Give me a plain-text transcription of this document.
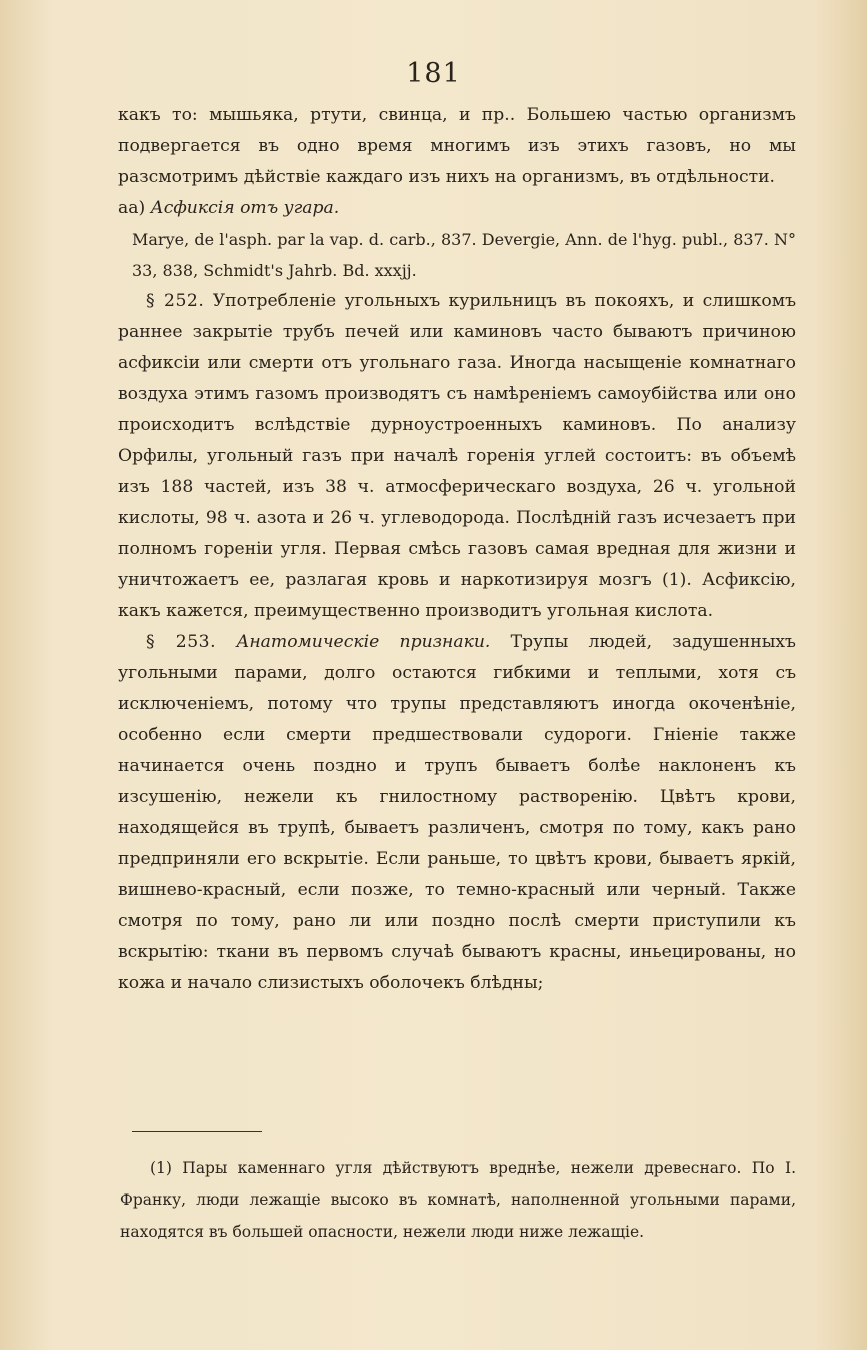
181

какъ то: мышьяка, ртути, свинца, и пр.. Большею частью организмъ подвергается въ одно время многимъ изъ этихъ газовъ, но мы разсмотримъ дѣйствіе каждаго изъ нихъ на организмъ, въ отдѣльности.

аа) Асфиксія отъ угара.

Marye, de l'asph. par la vap. d. carb., 837. Devergie, Ann. de l'hyg. publ., 837. N° 33, 838, Schmidt's Jahrb. Bd. xxxjj.

§ 252. Употребленіе угольныхъ курильницъ въ покояхъ, и слишкомъ раннее закрытіе трубъ печей или каминовъ часто бываютъ причиною асфиксіи или смерти отъ угольнаго газа. Иногда насыщеніе комнатнаго воздуха этимъ газомъ производятъ съ намѣреніемъ самоубійства или оно происходитъ вслѣдствіе дурноустроенныхъ каминовъ. По анализу Орфилы, угольный газъ при началѣ горенія углей состоитъ: въ объемѣ изъ 188 частей, изъ 38 ч. атмосферическаго воздуха, 26 ч. угольной кислоты, 98 ч. азота и 26 ч. углеводорода. Послѣдній газъ исчезаетъ при полномъ гореніи угля. Первая смѣсь газовъ самая вредная для жизни и уничтожаетъ ее, разлагая кровь и наркотизируя мозгъ (1). Асфиксію, какъ кажется, преимущественно производитъ угольная кислота.

§ 253. Анатомическіе признаки. Трупы людей, задушенныхъ угольными парами, долго остаются гибкими и теплыми, хотя съ исключеніемъ, потому что трупы представляютъ иногда окоченѣніе, особенно если смерти предшествовали судороги. Гніеніе также начинается очень поздно и трупъ бываетъ болѣе наклоненъ къ изсушенію, нежели къ гнилостному раствоpенію. Цвѣтъ крови, находящейся въ трупѣ, бываетъ различенъ, смотря по тому, какъ рано предприняли его вскрытіе. Если раньше, то цвѣтъ крови, бываетъ яркій, вишнево-красный, если позже, то темно-красный или черный. Также смотря по тому, рано ли или поздно послѣ смерти приступили къ вскрытію: ткани въ первомъ случаѣ бываютъ красны, иньецированы, но кожа и начало слизистыхъ оболочекъ блѣдны;

(1) Пары каменнаго угля дѣйствуютъ вреднѣе, нежели древеснаго. По I. Франку, люди лежащіе высоко въ комнатѣ, наполненной угольными парами, находятся въ большей опасности, нежели люди ниже лежащіе.
